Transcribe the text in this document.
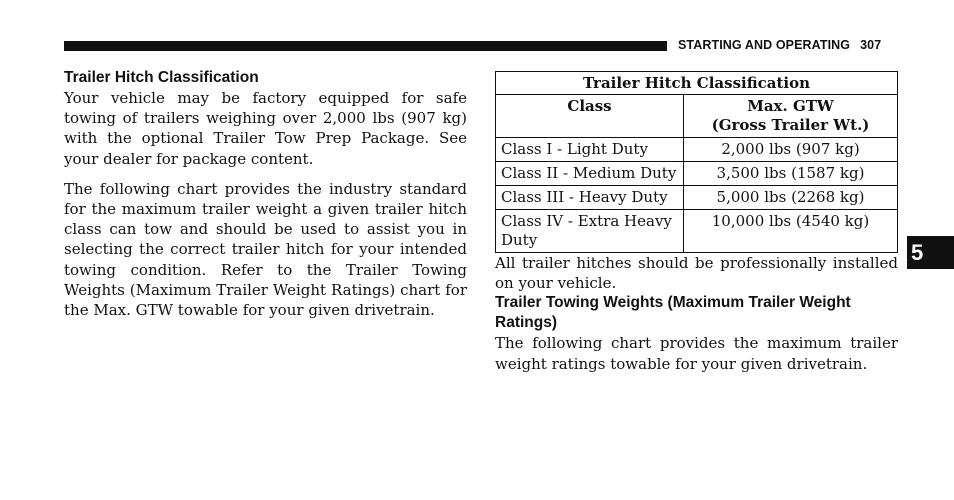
STARTING AND OPERATING 307
Trailer Hitch Classification

Your vehicle may be factory equipped for safe towing of trailers weighing over 2,000 lbs (907 kg) with the optional Trailer Tow Prep Package. See your dealer for package content.

The following chart provides the industry standard for the maximum trailer weight a given trailer hitch class can tow and should be used to assist you in selecting the correct trailer hitch for your intended towing condition. Refer to the Trailer Towing Weights (Maximum Trailer Weight Ratings) chart for the Max. GTW towable for your given drivetrain.

Trailer Hitch Classification	
Class	Max. GTW
(Gross Trailer Wt.)
Class I - Light Duty	2,000 lbs (907 kg)
Class II - Medium Duty	3,500 lbs (1587 kg)
Class III - Heavy Duty	5,000 lbs (2268 kg)
Class IV - Extra Heavy Duty	10,000 lbs (4540 kg)

All trailer hitches should be professionally installed on your vehicle.

Trailer Towing Weights (Maximum Trailer Weight Ratings)

The following chart provides the maximum trailer weight ratings towable for your given drivetrain.

5
